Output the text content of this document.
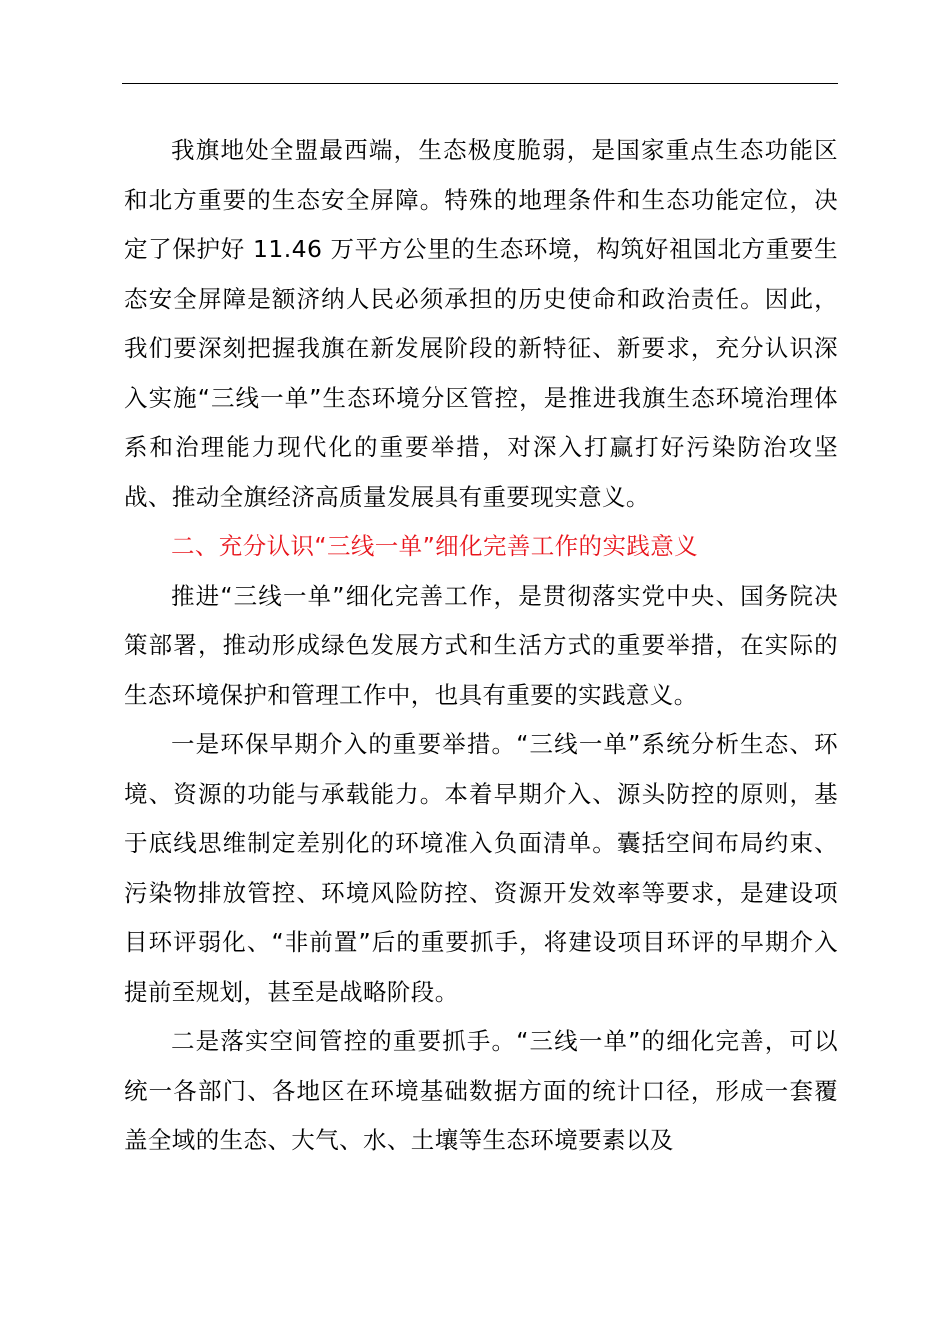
我旗地处全盟最西端，生态极度脆弱，是国家重点生态功能区和北方重要的生态安全屏障。特殊的地理条件和生态功能定位，决定了保护好 11.46 万平方公里的生态环境，构筑好祖国北方重要生态安全屏障是额济纳人民必须承担的历史使命和政治责任。因此，我们要深刻把握我旗在新发展阶段的新特征、新要求，充分认识深入实施“三线一单”生态环境分区管控，是推进我旗生态环境治理体系和治理能力现代化的重要举措，对深入打赢打好污染防治攻坚战、推动全旗经济高质量发展具有重要现实意义。

二、充分认识“三线一单”细化完善工作的实践意义

推进“三线一单”细化完善工作，是贯彻落实党中央、国务院决策部署，推动形成绿色发展方式和生活方式的重要举措，在实际的生态环境保护和管理工作中，也具有重要的实践意义。

一是环保早期介入的重要举措。“三线一单”系统分析生态、环境、资源的功能与承载能力。本着早期介入、源头防控的原则，基于底线思维制定差别化的环境准入负面清单。囊括空间布局约束、污染物排放管控、环境风险防控、资源开发效率等要求，是建设项目环评弱化、“非前置”后的重要抓手，将建设项目环评的早期介入提前至规划，甚至是战略阶段。

二是落实空间管控的重要抓手。“三线一单”的细化完善，可以统一各部门、各地区在环境基础数据方面的统计口径，形成一套覆盖全域的生态、大气、水、土壤等生态环境要素以及
